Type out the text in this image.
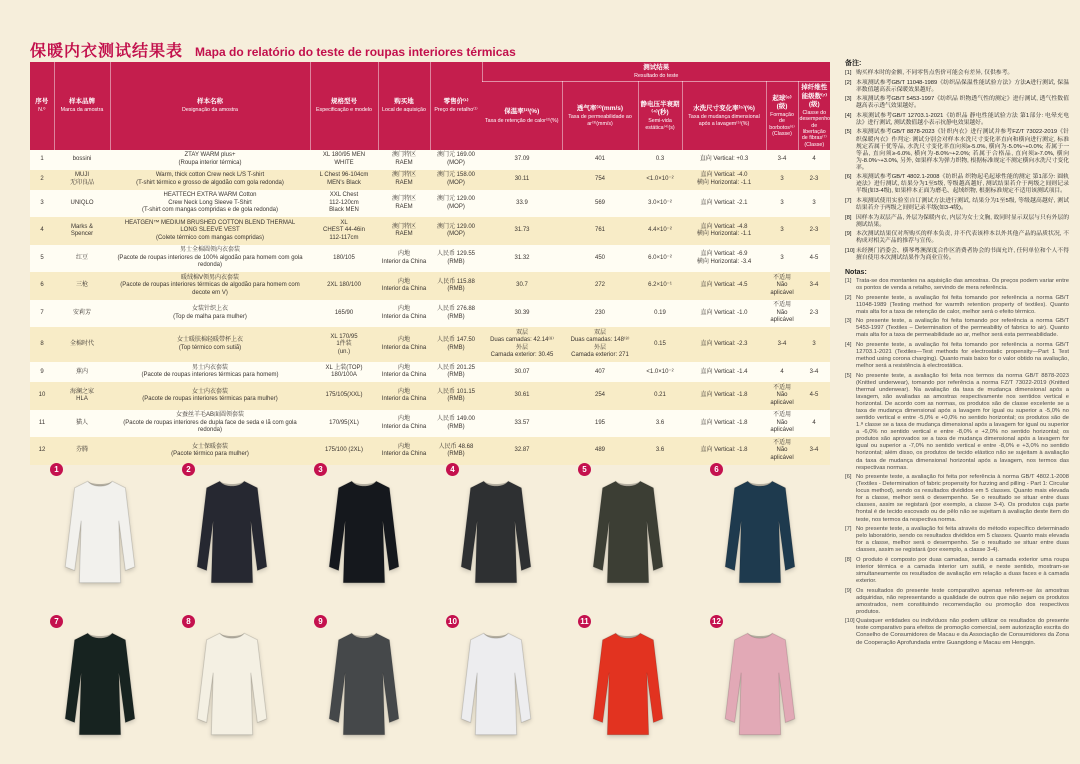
保暖内衣测试结果表 Mapa do relatório do teste de roupas interiores térmicas
序号
N.º

样本品牌
Marca da amostra

样本名称
Designação da amostra

规格型号
Especificação e modelo

购买地
Local de aquisição

零售价⁽¹⁾
Preço de retalho⁽¹⁾

测试结果
Resultado do teste

保温率⁽²⁾(%)
Taxa de retenção de calor⁽²⁾(%)

透气率⁽³⁾(mm/s)
Taxa de permeabilidade ao ar⁽³⁾(mm/s)

静电压半衰期⁽⁴⁾(秒)
Semi-vida estática⁽⁴⁾(s)

水洗尺寸变化率⁽⁵⁾(%)
Taxa de mudança dimensional após a lavagem⁽⁵⁾(%)

起球⁽⁶⁾(级)
Formação de borbotos⁽⁶⁾(Classe)

掉纤维性能级数⁽⁷⁾(级)
Classe do desempenho de libertação de fibras⁽⁷⁾(Classe)

1	bossini	ZTAY WARM plus+
(Roupa interior térmica)	XL 180/95 MEN
WHITE	澳门特区
RAEM	澳门元 169.00
(MOP)	37.09	401	0.3	直向 Vertical: +0.3	3-4	4
2	MUJI
无印良品	Warm, thick cotton Crew neck L/S T-shirt
(T-shirt térmico e grosso de algodão com gola redonda)	L Chest 96-104cm
MEN's Black	澳门特区
RAEM	澳门元 158.00
(MOP)	30.11	754	<1.0×10⁻²	直向 Vertical: -4.0
横向 Horizontal: -1.1	3	2-3
3	UNIQLO	HEATTECH EXTRA WARM Cotton
Crew Neck Long Sleeve T-Shirt
(T-shirt com mangas compridas e de gola redonda)	XXL Chest
112-120cm
Black MEN	澳门特区
RAEM	澳门元 129.00
(MOP)	33.9	569	3.0×10⁻²	直向 Vertical: -2.1	3	3
4	Marks &
Spencer	HEATGEN™ MEDIUM BRUSHED COTTON BLEND THERMAL
LONG SLEEVE VEST
(Colete térmico com mangas compridas)	XL
CHEST 44-46in
112-117cm	澳门特区
RAEM	澳门元 129.00
(MOP)	31.73	761	4.4×10⁻²	直向 Vertical: -4.8
横向 Horizontal: -1.1	3	2-3
5	红豆	男士全棉圆领内衣套装
(Pacote de roupas interiores de 100% algodão para homem com gola redonda)	180/105	内地
Interior da China	人民币 129.55
(RMB)	31.32	450	6.0×10⁻²	直向 Vertical: -6.9
横向 Horizontal: -3.4	3	4-5
6	三枪	暖绒棉V领男内衣套装
(Pacote de roupas interiores térmicas de algodão para homem com decote em V)	2XL 180/100	内地
Interior da China	人民币 115.88
(RMB)	30.7	272	6.2×10⁻¹	直向 Vertical: -4.5	不适用
Não aplicável	3-4
7	安莉芳	女装针织上衣
(Top de malha para mulher)	165/90	内地
Interior da China	人民币 276.88
(RMB)	30.39	230	0.19	直向 Vertical: -1.0	不适用
Não aplicável	2-3
8	全棉时代	女士暖肤棉轻暖带杯上衣
(Top térmico com sutiã)	XL 170/95
1件装
(un.)	内地
Interior da China	人民币 147.50
(RMB)	双层
Duas camadas: 42.14⁽⁸⁾
外层
Camada exterior: 30.45	双层
Duas camadas: 148⁽⁸⁾
外层
Camada exterior: 271	0.15	直向 Vertical: -2.3	3-4	3
9	蕉内	男士内衣套装
(Pacote de roupas interiores térmicas para homem)	XL 上装(TOP)
180/100A	内地
Interior da China	人民币 201.25
(RMB)	30.07	407	<1.0×10⁻²	直向 Vertical: -1.4	4	3-4
10	海澜之家
HLA	女士内衣套装
(Pacote de roupas interiores térmicas para mulher)	175/105(XXL)	内地
Interior da China	人民币 101.15
(RMB)	30.61	254	0.21	直向 Vertical: -1.8	不适用
Não aplicável	4-5
11	猫人	女蚕丝羊毛AB面圆领套装
(Pacote de roupas interiores de dupla face de seda e lã com gola redonda)	170/95(XL)	内地
Interior da China	人民币 149.00
(RMB)	33.57	195	3.6	直向 Vertical: -1.8	不适用
Não aplicável	4
12	芬腾	女士保暖套装
(Pacote térmico para mulher)	175/100 (2XL)	内地
Interior da China	人民币 48.68
(RMB)	32.87	489	3.6	直向 Vertical: -1.8	不适用
Não aplicável	3-4
1	2	3	4	5	6
7	8	9	10	11	12
备注:
[1] 购买样本时的金额, 不同零售点售价可能会有差异, 仅供参考。
[2] 本项测试参考GB/T 11048-1989《纺织品保温性能试验方法》方法A进行测试, 保温率数值越高表示保暖效果越好。
[3] 本项测试参考GB/T 5453-1997《纺织品 织物透气性的测定》进行测试, 透气性数值越高表示透气效果越好。
[4] 本项测试参考GB/T 12703.1-2021《纺织品 静电性能试验方法 第1部分: 电晕充电法》进行测试, 测试数值越小表示抗静电效果越好。
[5] 本项测试参考GB/T 8878-2023《针织内衣》进行测试并参考FZ/T 73022-2019《针织保暖内衣》作判定: 测试分别会对样本水洗尺寸变化率直向和横向进行测定, 标准规定若属于优等品, 水洗尺寸变化率直向须≥-5.0%, 横向为-5.0%~+0.0%; 若属于一等品, 直向须≥-6.0%, 横向为-8.0%~+2.0%; 若属于合格品, 直向须≥-7.0%, 横向为-8.0%~+3.0%, 另外, 如果样本为弹力织物, 根据标准规定不测定横向水洗尺寸变化率。
[6] 本项测试参考GB/T 4802.1-2008《纺织品 织物起毛起球性能的测定 第1部分: 圆轨迹法》进行测试, 结果分为1至5级, 等级越高越好, 测试结果若介于两级之间则记录半级(如3-4级), 如果样本正面为磨毛、起绒织物, 根据标准规定不适用该测试项目。
[7] 本项测试使用实验室自订测试方法进行测试, 结果分为1至5级, 等级越高越好, 测试结果若介于两级之间则记录半级(如3-4级)。
[8] 因样本为双层产品, 外层为保暖内衣, 内层为女士文胸, 故同时显示双层与只有外层的测试结果。
[9] 本次测试结果仅对所购买的样本负责, 并不代表该样本以外其他产品的品质状况, 不构成对相关产品的推荐与宣传。
[10] 未经澳门消委会、横琴粤澳深度合作区消费者协会的书面允许, 任何单位和个人不得擅自使用本次测试结果作为商业宣传。
Notas:
[1] Trata-se dos montantes na aquisição das amostras. Os preços podem variar entre os pontos de venda a retalho, servindo de mera referência.
[2] No presente teste, a avaliação foi feita tomando por referência a norma GB/T 11048-1989 (Testing method for warmth retention property of textiles). Quanto mais alta for a taxa de retenção de calor, melhor será o efeito térmico.
[3] No presente teste, a avaliação foi feita tomando por referência a norma GB/T 5453-1997 (Textiles – Determination of the permeability of fabrics to air). Quanto mais alta for a taxa de permeabilidade ao ar, melhor será esta permeabilidade.
[4] No presente teste, a avaliação foi feita tomando por referência a norma GB/T 12703.1-2021 (Textiles—Test methods for electrostatic propensity—Part 1 Test method using corona charging). Quanto mais baixo for o valor obtido na avaliação, melhor será a resistência à electrostática.
[5] No presente teste, a avaliação foi feita nos termos da norma GB/T 8878-2023 (Knitted underwear), tomando por referência a norma FZ/T 73022-2019 (Knitted thermal underwear). Na avaliação da taxa de mudança dimensional após a lavagem, são avaliadas as amostras respectivamente nos sentidos vertical e horizontal. De acordo com as normas, os produtos são de classe excelente se a taxa de mudança dimensional após a lavagem for igual ou superior a -5,0% no sentido vertical e entre -5,0% e +0,0% no sentido horizontal; os produtos são de 1.ª classe se a taxa de mudança dimensional após a lavagem for igual ou superior a -6,0% no sentido vertical e entre -8,0% e +2,0% no sentido horizontal; os produtos são aprovados se a taxa de mudança dimensional após a lavagem for igual ou superior a -7,0% no sentido vertical e entre -8,0% e +3,0% no sentido horizontal; além disso, os produtos de tecido elástico não se sujeitam à avaliação da taxa de mudança dimensional horizontal após a lavagem, nos termos das respectivas normas.
[6] No presente teste, a avaliação foi feita por referência à norma GB/T 4802.1-2008 (Textiles - Determination of fabric propensity for fuzzing and pilling - Part 1: Circular locus method), sendo os resultados divididos em 5 classes. Quanto mais elevada for a classe, melhor será o desempenho. Se o resultado se situar entre duas classes, assim se registará (por exemplo, a classe 3-4). Os produtos cuja parte frontal é de tecido escovado ou de pêlo não se sujeitam à avaliação deste item do teste, nos termos da respectiva norma.
[7] No presente teste, a avaliação foi feita através do método específico determinado pelo laboratório, sendo os resultados divididos em 5 classes. Quanto mais elevada for a classe, melhor será o desempenho. Se o resultado se situar entre duas classes, assim se registará (por exemplo, a classe 3-4).
[8] O produto é composto por duas camadas, sendo a camada exterior uma roupa interior térmica e a camada interior um sutiã, e neste sentido, mostram-se simultaneamente os resultados de avaliação em relação a duas faces e à camada exterior.
[9] Os resultados do presente teste comparativo apenas referem-se às amostras adquiridas, não representando a qualidade de outros que não sejam os produtos amostrados, nem constituindo recomendação ou promoção dos respectivos produtos.
[10] Quaisquer entidades ou indivíduos não podem utilizar os resultados do presente teste comparativo para efeitos de promoção comercial, sem autorização escrita do Conselho de Consumidores de Macau e da Associação de Consumidores da Zona de Cooperação Aprofundada entre Guangdong e Macau em Hengqin.
